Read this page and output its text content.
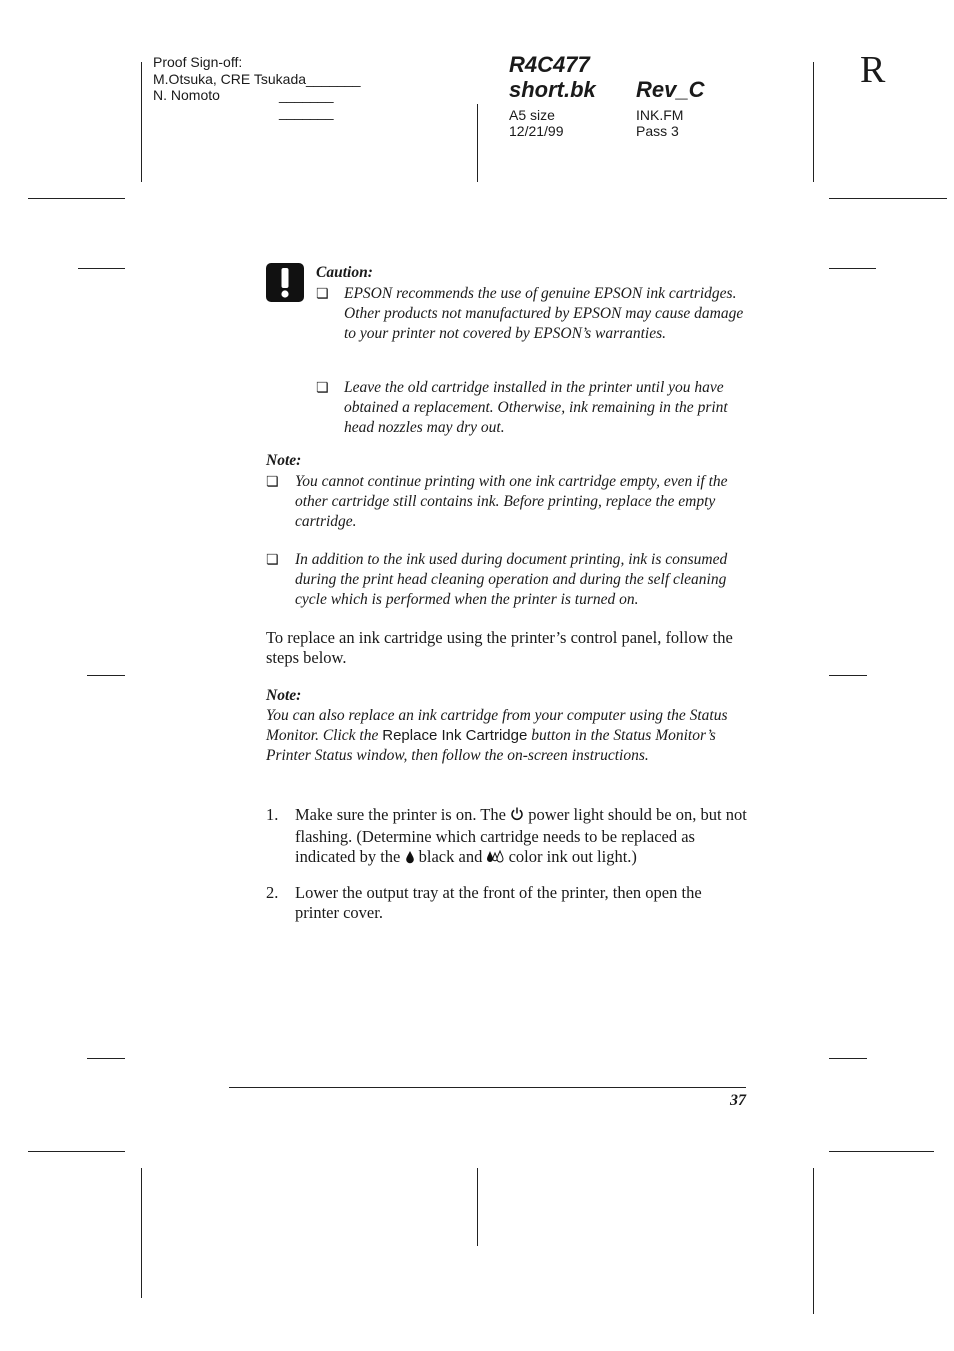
Proof Sign-off:
M.Otsuka, CRE Tsukada_______
N. Nomoto	_______
_______
R4C477
short.bk Rev_C
A5 size
12/21/99
INK.FM
Pass 3
R
Caution:
❏ EPSON recommends the use of genuine EPSON ink cartridges. Other products not manufactured by EPSON may cause damage to your printer not covered by EPSON’s warranties.
❏ Leave the old cartridge installed in the printer until you have obtained a replacement. Otherwise, ink remaining in the print head nozzles may dry out.
Note:
❏ You cannot continue printing with one ink cartridge empty, even if the other cartridge still contains ink. Before printing, replace the empty cartridge.
❏ In addition to the ink used during document printing, ink is consumed during the print head cleaning operation and during the self cleaning cycle which is performed when the printer is turned on.
To replace an ink cartridge using the printer’s control panel, follow the steps below.
Note:
You can also replace an ink cartridge from your computer using the Status Monitor. Click the Replace Ink Cartridge button in the Status Monitor’s Printer Status window, then follow the on-screen instructions.
1. Make sure the printer is on. The  power light should be on, but not flashing. (Determine which cartridge needs to be replaced as indicated by the  black and  color ink out light.)
2. Lower the output tray at the front of the printer, then open the printer cover.
37
